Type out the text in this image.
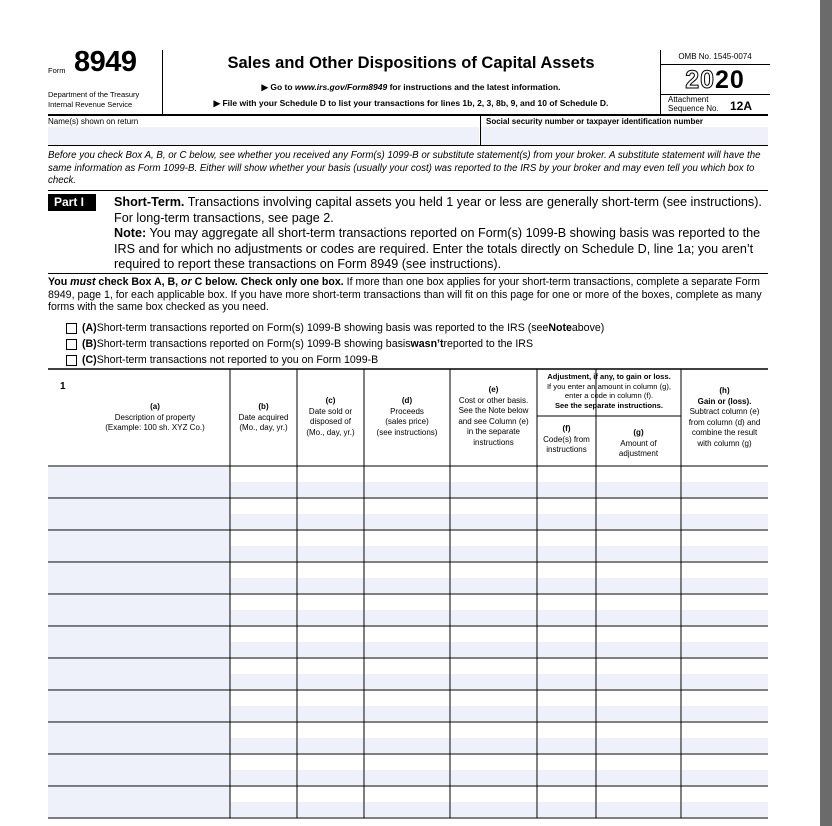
Form 8949
Department of the Treasury
Internal Revenue Service
Sales and Other Dispositions of Capital Assets
▶ Go to www.irs.gov/Form8949 for instructions and the latest information.
▶ File with your Schedule D to list your transactions for lines 1b, 2, 3, 8b, 9, and 10 of Schedule D.
OMB No. 1545-0074
2020
Attachment
Sequence No. 12A
Name(s) shown on return	Social security number or taxpayer identification number
Before you check Box A, B, or C below, see whether you received any Form(s) 1099-B or substitute statement(s) from your broker. A substitute statement will have the same information as Form 1099-B. Either will show whether your basis (usually your cost) was reported to the IRS by your broker and may even tell you which box to check.
Part I	Short-Term. Transactions involving capital assets you held 1 year or less are generally short-term (see instructions). For long-term transactions, see page 2.
Note: You may aggregate all short-term transactions reported on Form(s) 1099-B showing basis was reported to the IRS and for which no adjustments or codes are required. Enter the totals directly on Schedule D, line 1a; you aren’t required to report these transactions on Form 8949 (see instructions).
You must check Box A, B, or C below. Check only one box. If more than one box applies for your short-term transactions, complete a separate Form 8949, page 1, for each applicable box. If you have more short-term transactions than will fit on this page for one or more of the boxes, complete as many forms with the same box checked as you need.
(A) Short-term transactions reported on Form(s) 1099-B showing basis was reported to the IRS (see Note above)
(B) Short-term transactions reported on Form(s) 1099-B showing basis wasn’t reported to the IRS
(C) Short-term transactions not reported to you on Form 1099-B
1
(a)
Description of property
(Example: 100 sh. XYZ Co.)
(b)
Date acquired
(Mo., day, yr.)
(c)
Date sold or
disposed of
(Mo., day, yr.)
(d)
Proceeds
(sales price)
(see instructions)
(e)
Cost or other basis.
See the Note below
and see Column (e)
in the separate
instructions
Adjustment, if any, to gain or loss.
If you enter an amount in column (g),
enter a code in column (f).
See the separate instructions.
(f)
Code(s) from
instructions
(g)
Amount of
adjustment
(h)
Gain or (loss).
Subtract column (e)
from column (d) and
combine the result
with column (g)
